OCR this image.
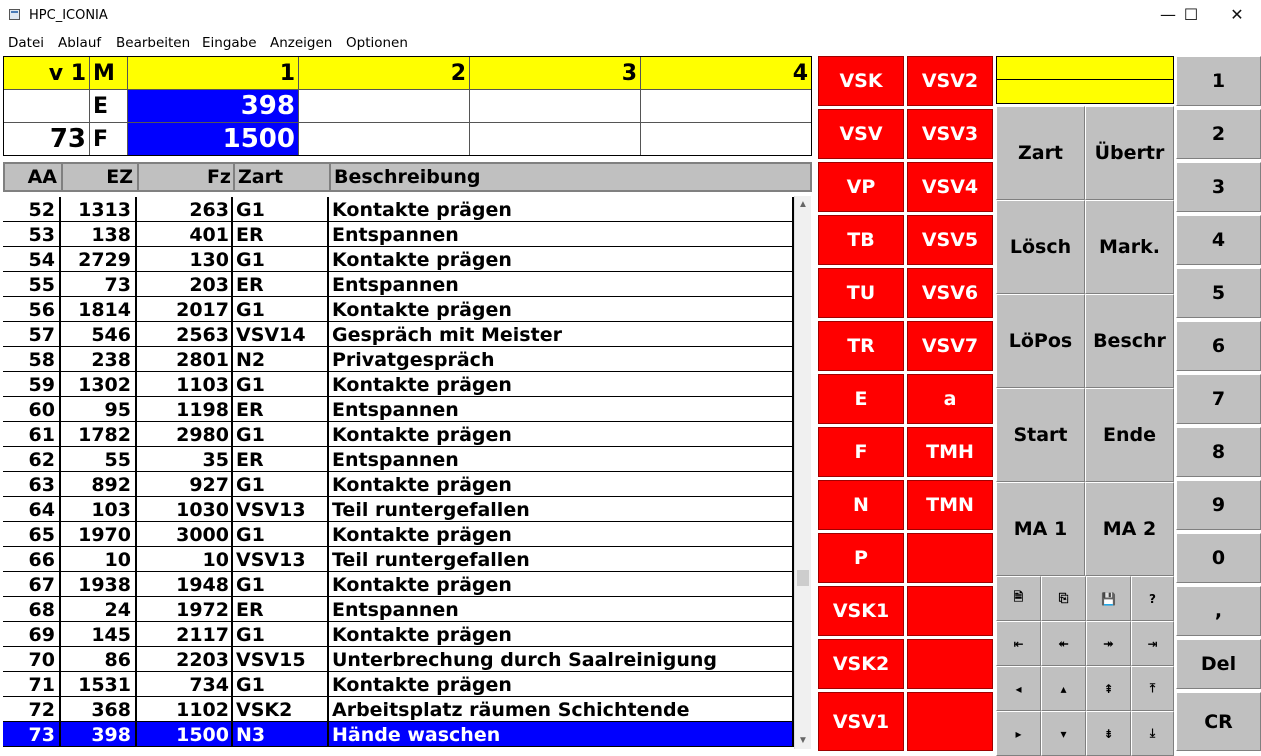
HPC_ICONIA	— ☐	✕
Datei Ablauf Bearbeiten Eingabe Anzeigen Optionen
v 1 M	1	2	3	4
E	398
73 F	1500
AA	EZ	Fz Zart	Beschreibung
52	1313	263 G1	Kontakte prägen
53	138	401 ER	Entspannen
54	2729	130 G1	Kontakte prägen
55	73	203 ER	Entspannen
56	1814	2017 G1	Kontakte prägen
57	546	2563 VSV14	Gespräch mit Meister
58	238	2801 N2	Privatgespräch
59	1302	1103 G1	Kontakte prägen
60	95	1198 ER	Entspannen
61	1782	2980 G1	Kontakte prägen
62	55	35 ER	Entspannen
63	892	927 G1	Kontakte prägen
64	103	1030 VSV13	Teil runtergefallen
65	1970	3000 G1	Kontakte prägen
66	10	10 VSV13	Teil runtergefallen
67	1938	1948 G1	Kontakte prägen
68	24	1972 ER	Entspannen
69	145	2117 G1	Kontakte prägen
70	86	2203 VSV15	Unterbrechung durch Saalreinigung
71	1531	734 G1	Kontakte prägen
72	368	1102 VSK2	Arbeitsplatz räumen Schichtende
73	398	1500 N3	Hände waschen
▲
▼
VSK
VSV
VP
TB
TU
TR
E
F
N
P
VSK1
VSK2
VSV1
VSV2
VSV3
VSV4
VSV5
VSV6
VSV7
a
TMH
TMN
Zart	Übertr
Lösch	Mark.
LöPos	Beschr
Start	Ende
MA 1	MA 2
🗎	⎘	💾	?
⇤	⯬	⯮	⇥
◂	▴	⇞	⤒
▸	▾	⇟	⤓
1
2
3
4
5
6
7
8
9
0
,
Del
CR
